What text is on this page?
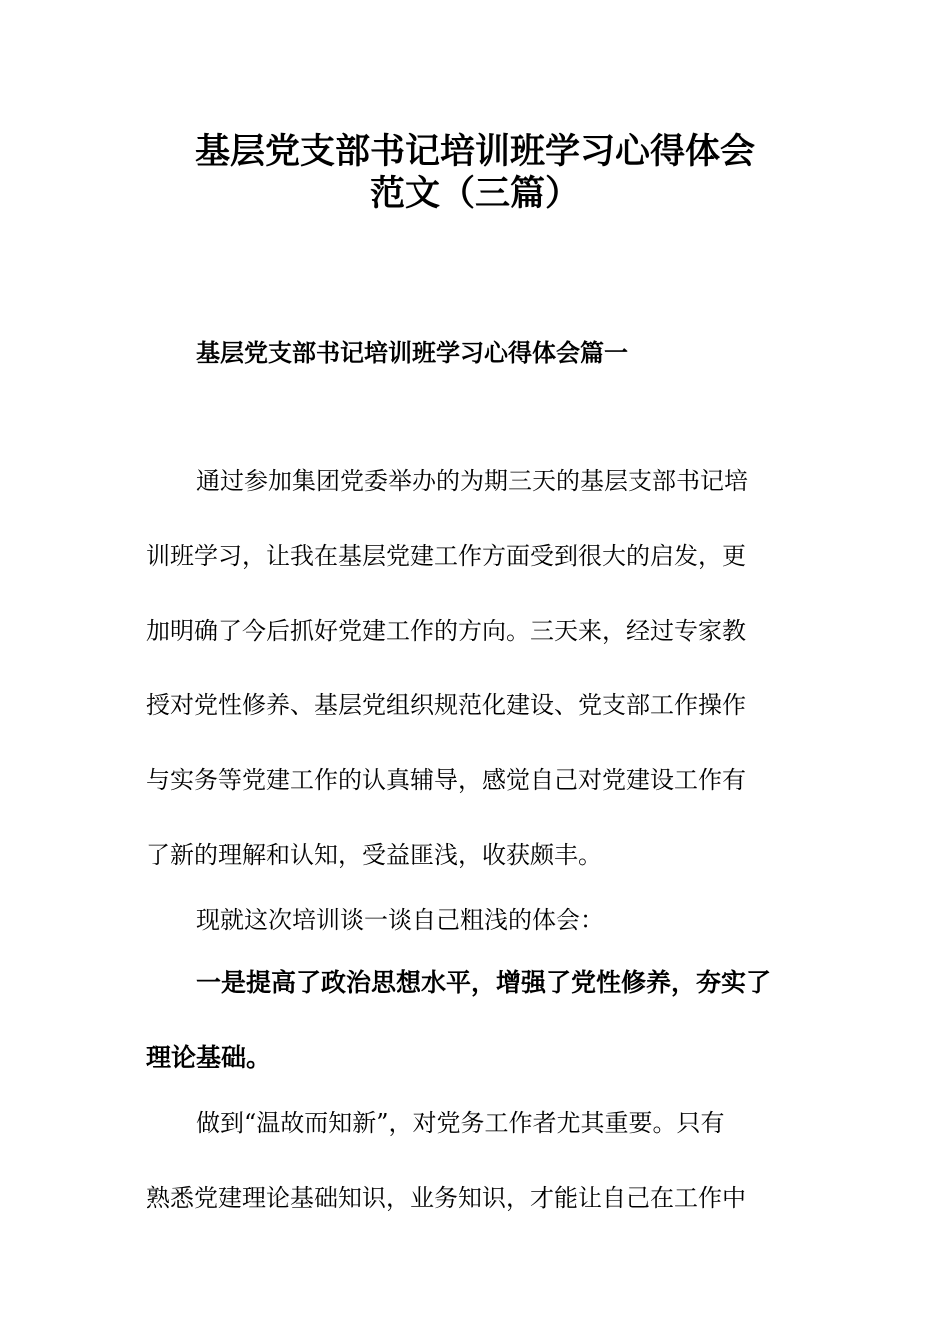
基层党支部书记培训班学习心得体会
范文（三篇）
基层党支部书记培训班学习心得体会篇一
通过参加集团党委举办的为期三天的基层支部书记培
训班学习，让我在基层党建工作方面受到很大的启发，更
加明确了今后抓好党建工作的方向。三天来，经过专家教
授对党性修养、基层党组织规范化建设、党支部工作操作
与实务等党建工作的认真辅导，感觉自己对党建设工作有
了新的理解和认知，受益匪浅，收获颇丰。
现就这次培训谈一谈自己粗浅的体会：
一是提高了政治思想水平，增强了党性修养，夯实了
理论基础。
做到“温故而知新”，对党务工作者尤其重要。只有
熟悉党建理论基础知识，业务知识，才能让自己在工作中
